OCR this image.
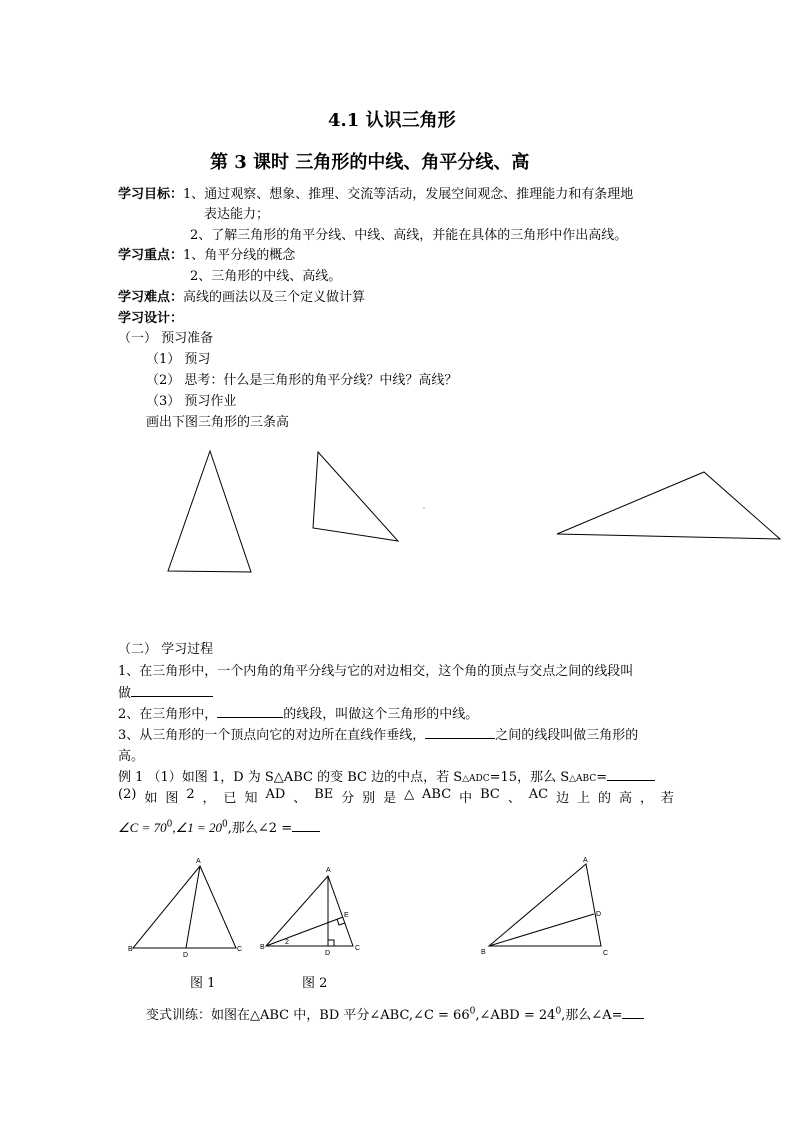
4.1 认识三角形
第 3 课时 三角形的中线、角平分线、高
学习目标：1、通过观察、想象、推理、交流等活动，发展空间观念、推理能力和有条理地
表达能力；
2、了解三角形的角平分线、中线、高线，并能在具体的三角形中作出高线。
学习重点：1、角平分线的概念
2、三角形的中线、高线。
学习难点：高线的画法以及三个定义做计算
学习设计：
（一） 预习准备
（1） 预习
（2） 思考：什么是三角形的角平分线？中线？高线？
（3） 预习作业
画出下图三角形的三条高
（二） 学习过程
1、在三角形中，一个内角的角平分线与它的对边相交，这个角的顶点与交点之间的线段叫
做
2、在三角形中，	的线段，叫做这个三角形的中线。
3、从三角形的一个顶点向它的对边所在直线作垂线，	之间的线段叫做三角形的
高。
例 1 （1）如图 1，D 为 S△ABC 的变 BC 边的中点，若 S△ADC=15，那么 S△ABC=
(2) 如 图 2 ， 已 知 AD 、 BE 分 别 是 △ ABC 中 BC 、 AC 边 上 的 高 ， 若
∠C = $70^0,\angle 1 = 20^0$,那么∠2 =
A
B
D
C
A
E
B
D
C
2
A
D
B	C
图 1	图 2
变式训练：如图在△ABC 中，BD 平分∠ABC,∠C = $66^0,\angle ABD = 24^0$,那么∠A=
